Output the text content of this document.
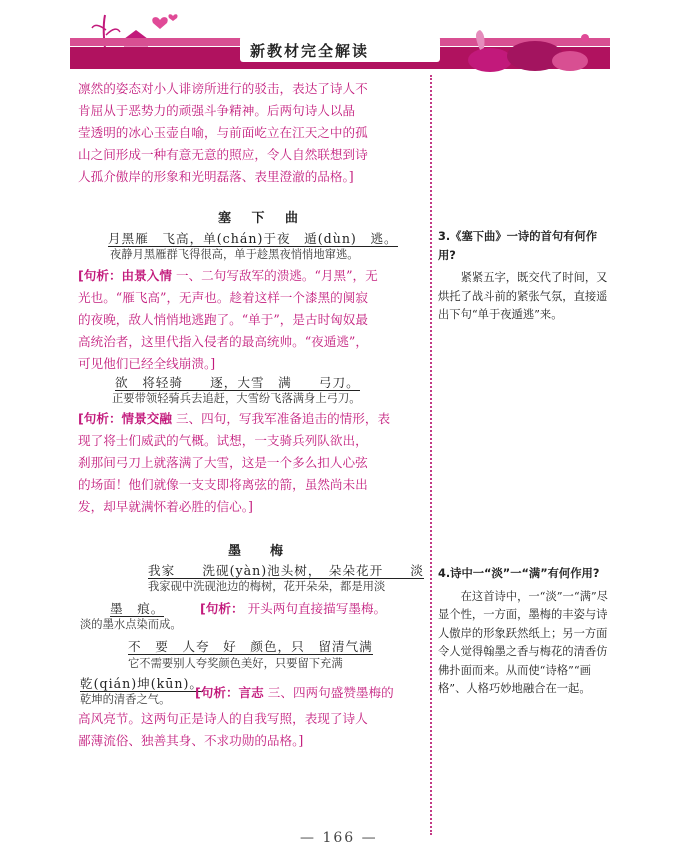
新教材完全解读
凛然的姿态对小人诽谤所进行的驳击，表达了诗人不
肯屈从于恶势力的顽强斗争精神。后两句诗人以晶
莹透明的冰心玉壶自喻，与前面屹立在江天之中的孤
山之间形成一种有意无意的照应，令人自然联想到诗
人孤介傲岸的形象和光明磊落、表里澄澈的品格。]
塞 下 曲
月黑雁　飞高，单(chán)于夜　遁(dùn)　逃。
夜静月黑雁群飞得很高，单于趁黑夜悄悄地窜逃。
[句析：由景入情 一、二句写敌军的溃逃。“月黑”，无
光也。“雁飞高”，无声也。趁着这样一个漆黑的阒寂
的夜晚，敌人悄悄地逃跑了。“单于”，是古时匈奴最
高统治者，这里代指入侵者的最高统帅。“夜遁逃”，
可见他们已经全线崩溃。]
欲　将轻骑　　逐，大雪　满　　弓刀。
正要带领轻骑兵去追赶，大雪纷飞落满身上弓刀。
[句析：情景交融 三、四句，写我军准备追击的情形，表
现了将士们威武的气概。试想，一支骑兵列队欲出，
刹那间弓刀上就落满了大雪，这是一个多么扣人心弦
的场面！他们就像一支支即将离弦的箭，虽然尚未出
发，却早就满怀着必胜的信心。]
墨　梅
我家　　洗砚(yàn)池头树，　朵朵花开　　淡
我家砚中洗砚池边的梅树，花开朵朵，都是用淡
墨　痕。	[句析： 开头两句直接描写墨梅。
淡的墨水点染而成。
不　要　人夸　好　颜色，只　留清气满
它不需要别人夸奖颜色美好，只要留下充满
乾(qián)坤(kūn)。
乾坤的清香之气。 [句析：言志 三、四两句盛赞墨梅的
高风亮节。这两句正是诗人的自我写照，表现了诗人
鄙薄流俗、独善其身、不求功勋的品格。]
3.《塞下曲》一诗的首句有何作用?
紧紧五字，既交代了时间，又烘托了战斗前的紧张气氛，直接遥出下句“单于夜遁逃”来。
4.诗中一“淡”一“满”有何作用?
在这首诗中，一“淡”一“满”尽显个性，一方面，墨梅的丰姿与诗人傲岸的形象跃然纸上；另一方面令人觉得翰墨之香与梅花的清香仿佛扑面而来。从而使“诗格”“画格”、人格巧妙地融合在一起。
— 166 —
